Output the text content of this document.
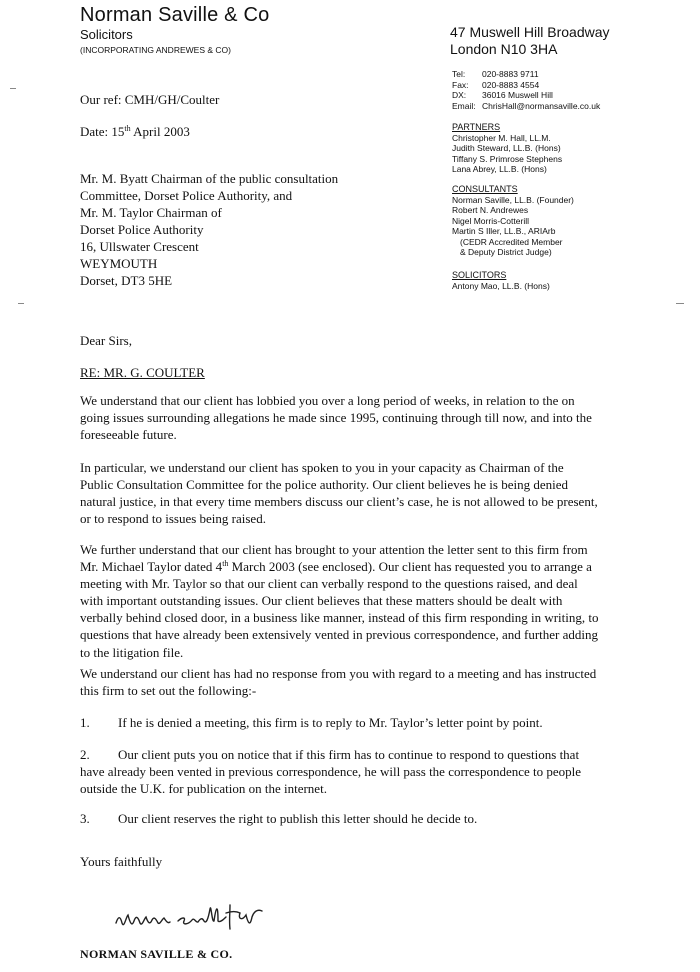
Norman Saville & Co
Solicitors
(INCORPORATING ANDREWES & CO)
47 Muswell Hill Broadway
London N10 3HA
Tel:	020-8883 9711
Fax:	020-8883 4554
DX:	36016 Muswell Hill
Email: ChrisHall@normansaville.co.uk
PARTNERS
Christopher M. Hall, LL.M.
Judith Steward, LL.B. (Hons)
Tiffany S. Primrose Stephens
Lana Abrey, LL.B. (Hons)
CONSULTANTS
Norman Saville, LL.B. (Founder)
Robert N. Andrewes
Nigel Morris-Cotterill
Martin S Iller, LL.B., ARIArb
(CEDR Accredited Member
& Deputy District Judge)
SOLICITORS
Antony Mao, LL.B. (Hons)
Our ref: CMH/GH/Coulter
Date: 15th April 2003
Mr. M. Byatt Chairman of the public consultation
Committee, Dorset Police Authority, and
Mr. M. Taylor Chairman of
Dorset Police Authority
16, Ullswater Crescent
WEYMOUTH
Dorset, DT3 5HE
Dear Sirs,
RE: MR. G. COULTER
We understand that our client has lobbied you over a long period of weeks, in relation to the on going issues surrounding allegations he made since 1995, continuing through till now, and into the foreseeable future.
In particular, we understand our client has spoken to you in your capacity as Chairman of the Public Consultation Committee for the police authority. Our client believes he is being denied natural justice, in that every time members discuss our client’s case, he is not allowed to be present, or to respond to issues being raised.
We further understand that our client has brought to your attention the letter sent to this firm from Mr. Michael Taylor dated 4th March 2003 (see enclosed). Our client has requested you to arrange a meeting with Mr. Taylor so that our client can verbally respond to the questions raised, and deal with important outstanding issues. Our client believes that these matters should be dealt with verbally behind closed door, in a business like manner, instead of this firm responding in writing, to questions that have already been extensively vented in previous correspondence, and further adding to the litigation file.
We understand our client has had no response from you with regard to a meeting and has instructed this firm to set out the following:-
1. If he is denied a meeting, this firm is to reply to Mr. Taylor’s letter point by point.
2. Our client puts you on notice that if this firm has to continue to respond to questions that have already been vented in previous correspondence, he will pass the correspondence to people outside the U.K. for publication on the internet.
3. Our client reserves the right to publish this letter should he decide to.
Yours faithfully
NORMAN SAVILLE & CO.
